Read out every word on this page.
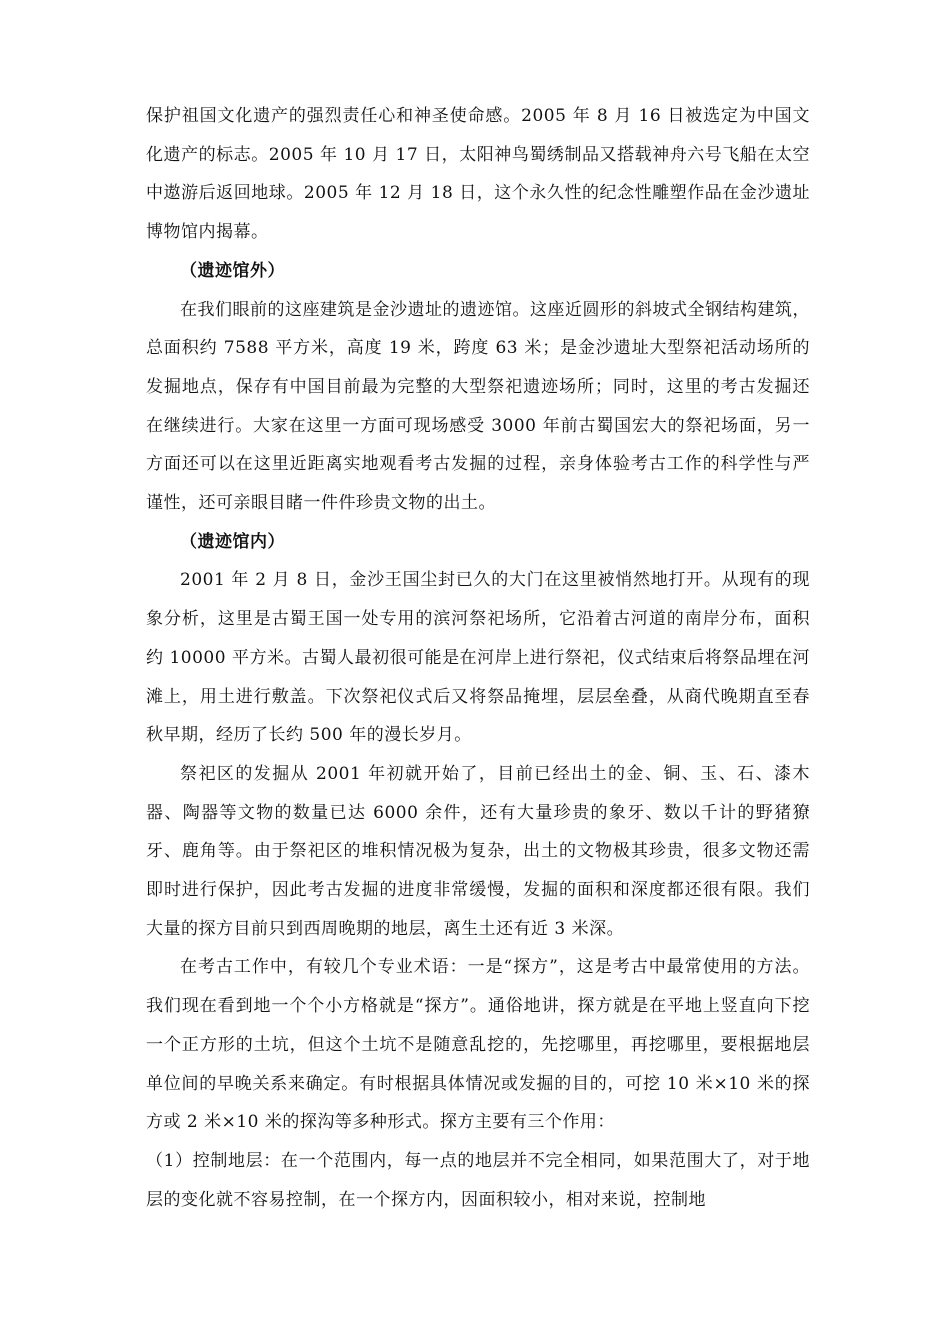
保护祖国文化遗产的强烈责任心和神圣使命感。2005 年 8 月 16 日被选定为中国文化遗产的标志。2005 年 10 月 17 日，太阳神鸟蜀绣制品又搭载神舟六号飞船在太空中遨游后返回地球。2005 年 12 月 18 日，这个永久性的纪念性雕塑作品在金沙遗址博物馆内揭幕。

（遗迹馆外）

在我们眼前的这座建筑是金沙遗址的遗迹馆。这座近圆形的斜坡式全钢结构建筑，总面积约 7588 平方米，高度 19 米，跨度 63 米；是金沙遗址大型祭祀活动场所的发掘地点，保存有中国目前最为完整的大型祭祀遗迹场所；同时，这里的考古发掘还在继续进行。大家在这里一方面可现场感受 3000 年前古蜀国宏大的祭祀场面，另一方面还可以在这里近距离实地观看考古发掘的过程，亲身体验考古工作的科学性与严谨性，还可亲眼目睹一件件珍贵文物的出土。

（遗迹馆内）

2001 年 2 月 8 日，金沙王国尘封已久的大门在这里被悄然地打开。从现有的现象分析，这里是古蜀王国一处专用的滨河祭祀场所，它沿着古河道的南岸分布，面积约 10000 平方米。古蜀人最初很可能是在河岸上进行祭祀，仪式结束后将祭品埋在河滩上，用土进行敷盖。下次祭祀仪式后又将祭品掩埋，层层垒叠，从商代晚期直至春秋早期，经历了长约 500 年的漫长岁月。

祭祀区的发掘从 2001 年初就开始了，目前已经出土的金、铜、玉、石、漆木器、陶器等文物的数量已达 6000 余件，还有大量珍贵的象牙、数以千计的野猪獠牙、鹿角等。由于祭祀区的堆积情况极为复杂，出土的文物极其珍贵，很多文物还需即时进行保护，因此考古发掘的进度非常缓慢，发掘的面积和深度都还很有限。我们大量的探方目前只到西周晚期的地层，离生土还有近 3 米深。

在考古工作中，有较几个专业术语：一是“探方”，这是考古中最常使用的方法。我们现在看到地一个个小方格就是“探方”。通俗地讲，探方就是在平地上竖直向下挖一个正方形的土坑，但这个土坑不是随意乱挖的，先挖哪里，再挖哪里，要根据地层单位间的早晚关系来确定。有时根据具体情况或发掘的目的，可挖 10 米×10 米的探方或 2 米×10 米的探沟等多种形式。探方主要有三个作用：

（1）控制地层：在一个范围内，每一点的地层并不完全相同，如果范围大了，对于地层的变化就不容易控制，在一个探方内，因面积较小，相对来说，控制地
